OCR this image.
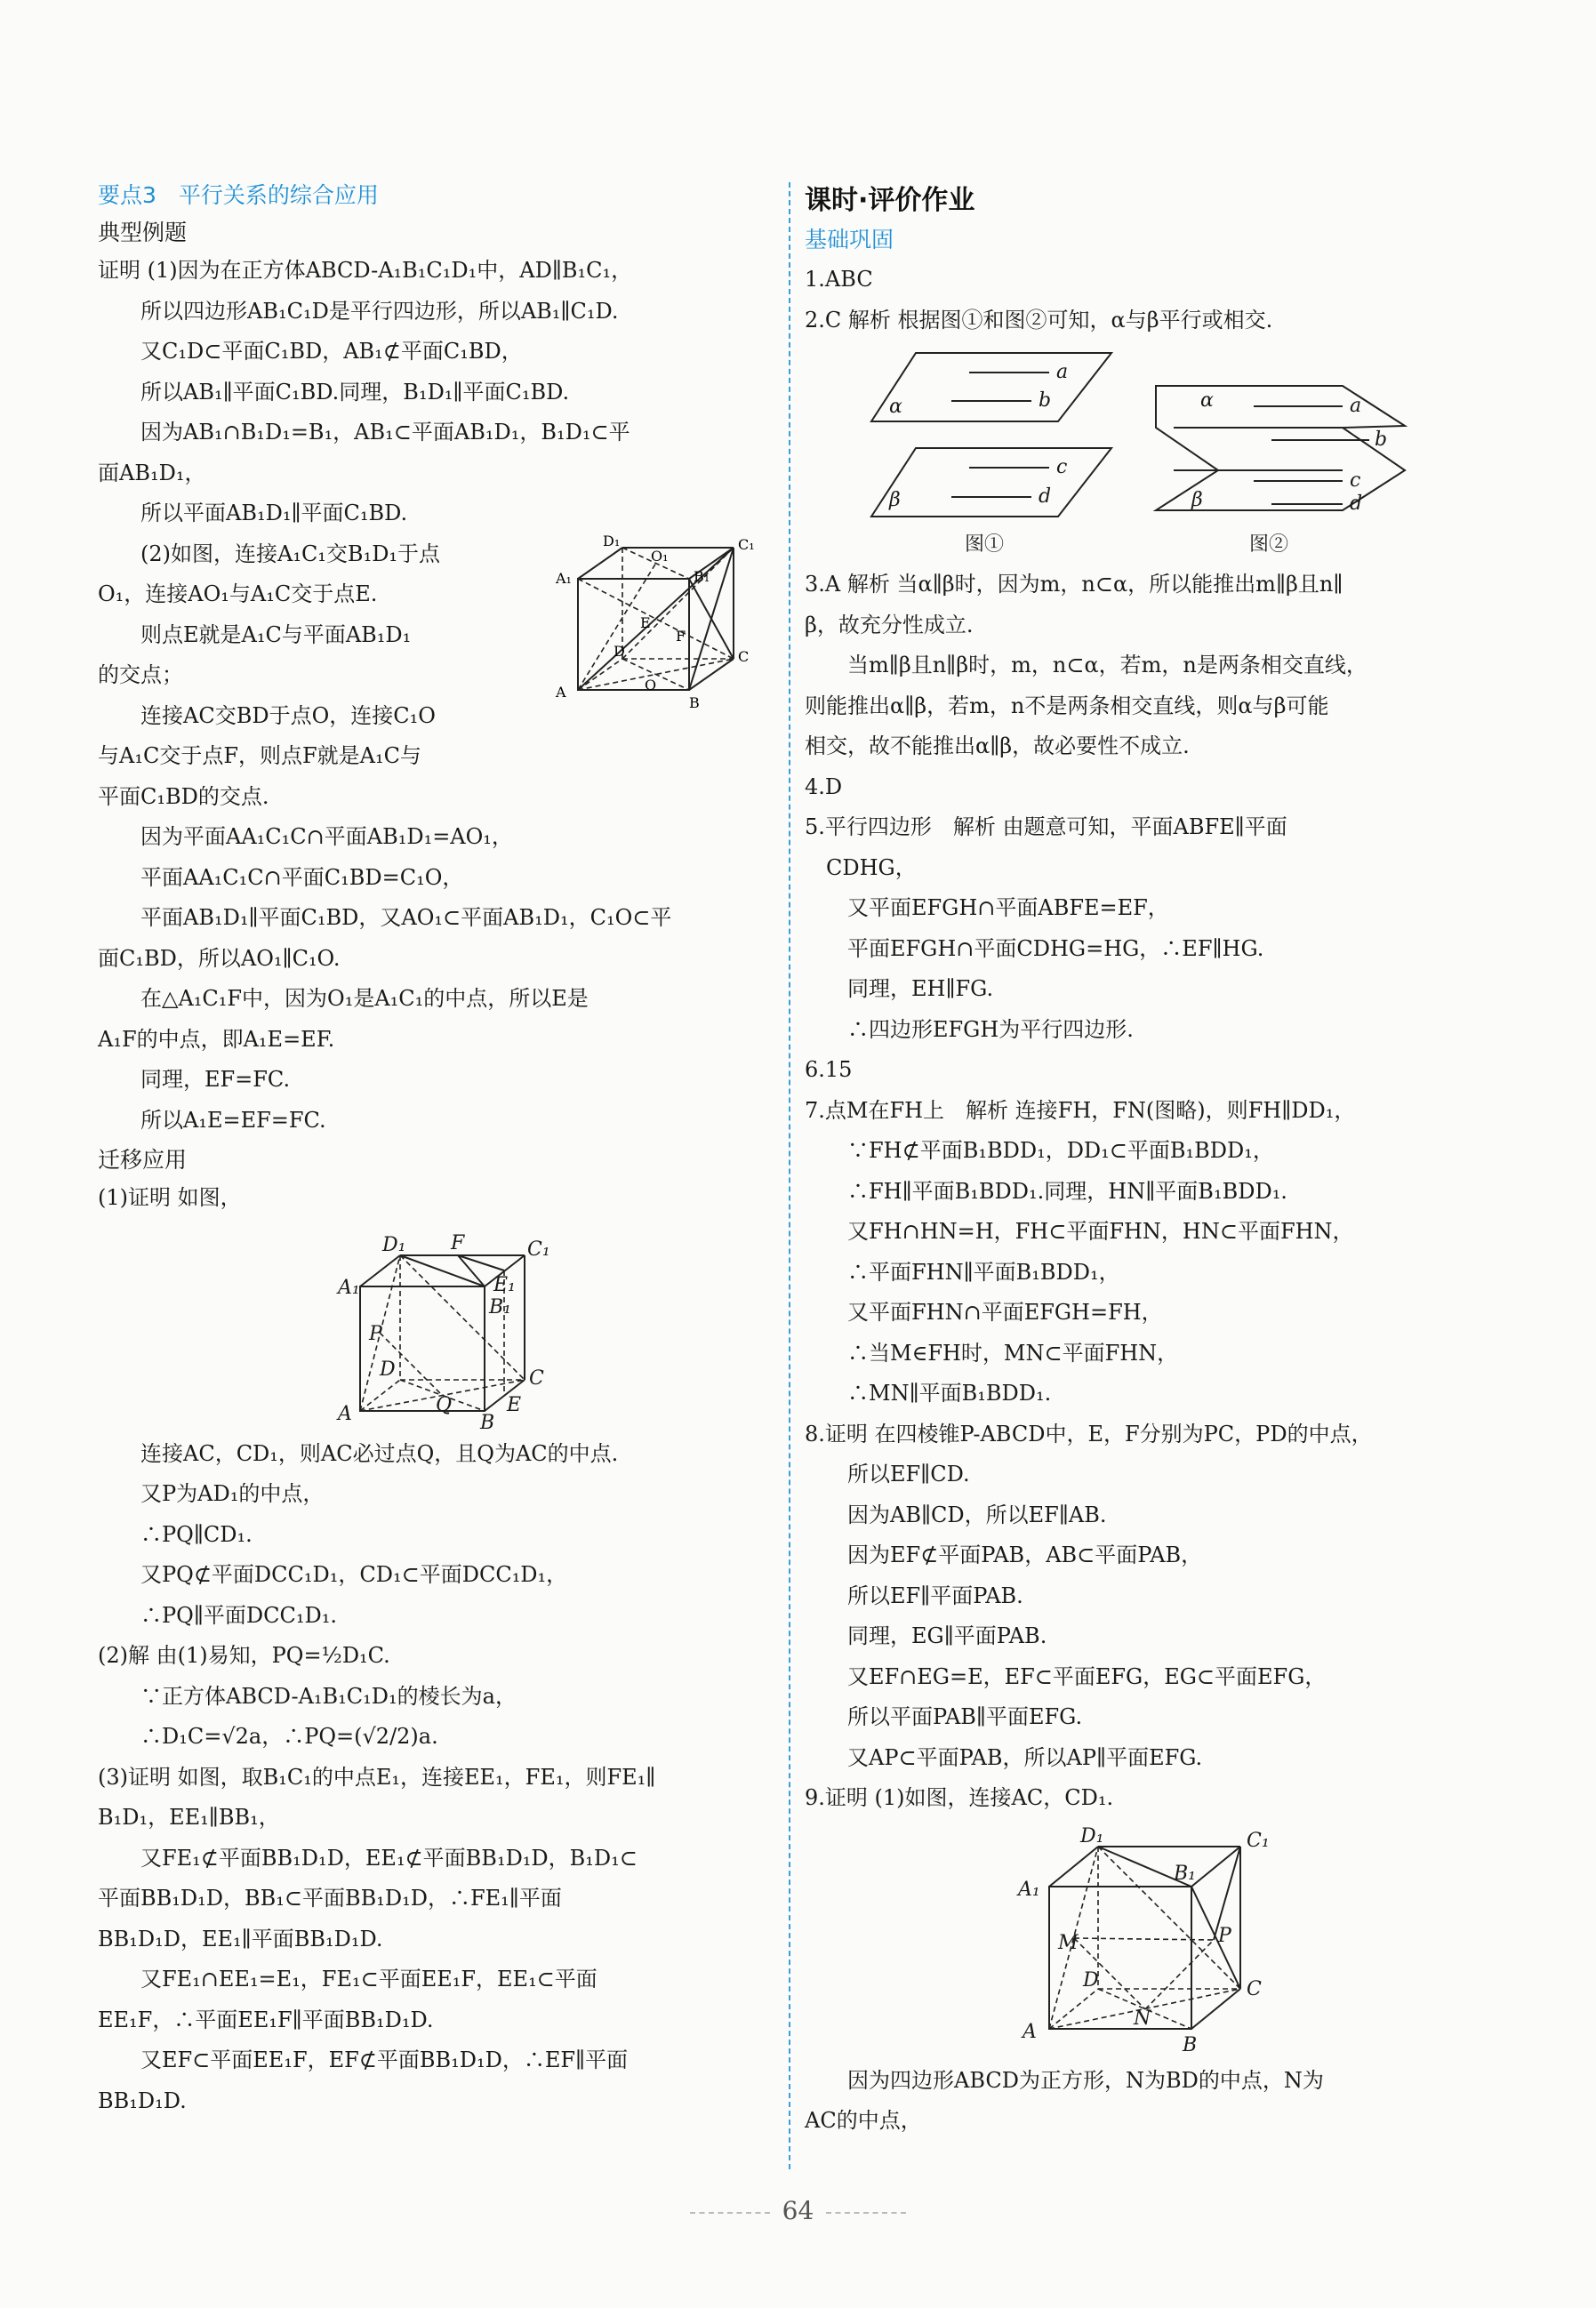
要点3　平行关系的综合应用
典型例题
证明 (1)因为在正方体ABCD-A₁B₁C₁D₁中，AD∥B₁C₁，
　　所以四边形AB₁C₁D是平行四边形，所以AB₁∥C₁D.
　　又C₁D⊂平面C₁BD，AB₁⊄平面C₁BD，
　　所以AB₁∥平面C₁BD.同理，B₁D₁∥平面C₁BD.
　　因为AB₁∩B₁D₁=B₁，AB₁⊂平面AB₁D₁，B₁D₁⊂平
面AB₁D₁，
　　所以平面AB₁D₁∥平面C₁BD.
　　(2)如图，连接A₁C₁交B₁D₁于点
O₁，连接AO₁与A₁C交于点E.
　　则点E就是A₁C与平面AB₁D₁
的交点；
　　连接AC交BD于点O，连接C₁O
与A₁C交于点F，则点F就是A₁C与
平面C₁BD的交点.
D₁	C₁
O₁
B₁
A₁
E
F
D	C
A	O
B
　　因为平面AA₁C₁C∩平面AB₁D₁=AO₁，
　　平面AA₁C₁C∩平面C₁BD=C₁O，
　　平面AB₁D₁∥平面C₁BD，又AO₁⊂平面AB₁D₁，C₁O⊂平
面C₁BD，所以AO₁∥C₁O.
　　在△A₁C₁F中，因为O₁是A₁C₁的中点，所以E是
A₁F的中点，即A₁E=EF.
　　同理，EF=FC.
　　所以A₁E=EF=FC.
迁移应用
(1)证明 如图，
D₁ F	C₁
A₁	E₁
B₁
P
D	C
A	Q	E
B
　　连接AC，CD₁，则AC必过点Q，且Q为AC的中点.
　　又P为AD₁的中点，
　　∴PQ∥CD₁.
　　又PQ⊄平面DCC₁D₁，CD₁⊂平面DCC₁D₁，
　　∴PQ∥平面DCC₁D₁.
(2)解 由(1)易知，PQ=½D₁C.
　　∵正方体ABCD-A₁B₁C₁D₁的棱长为a，
　　∴D₁C=√2a，∴PQ=(√2/2)a.
(3)证明 如图，取B₁C₁的中点E₁，连接EE₁，FE₁，则FE₁∥
B₁D₁，EE₁∥BB₁，
　　又FE₁⊄平面BB₁D₁D，EE₁⊄平面BB₁D₁D，B₁D₁⊂
平面BB₁D₁D，BB₁⊂平面BB₁D₁D，∴FE₁∥平面
BB₁D₁D，EE₁∥平面BB₁D₁D.
　　又FE₁∩EE₁=E₁，FE₁⊂平面EE₁F，EE₁⊂平面
EE₁F，∴平面EE₁F∥平面BB₁D₁D.
　　又EF⊂平面EE₁F，EF⊄平面BB₁D₁D，∴EF∥平面
BB₁D₁D.
课时·评价作业
基础巩固
1.ABC
2.C 解析 根据图①和图②可知，α与β平行或相交.
a
b
α
c
d
β
α	a
b
c
d
β
图①	图②
3.A 解析 当α∥β时，因为m，n⊂α，所以能推出m∥β且n∥
β，故充分性成立.
　　当m∥β且n∥β时，m，n⊂α，若m，n是两条相交直线，
则能推出α∥β，若m，n不是两条相交直线，则α与β可能
相交，故不能推出α∥β，故必要性不成立.
4.D
5.平行四边形　解析 由题意可知，平面ABFE∥平面
　CDHG，
　　又平面EFGH∩平面ABFE=EF，
　　平面EFGH∩平面CDHG=HG，∴EF∥HG.
　　同理，EH∥FG.
　　∴四边形EFGH为平行四边形.
6.15
7.点M在FH上　解析 连接FH，FN(图略)，则FH∥DD₁，
　　∵FH⊄平面B₁BDD₁，DD₁⊂平面B₁BDD₁，
　　∴FH∥平面B₁BDD₁.同理，HN∥平面B₁BDD₁.
　　又FH∩HN=H，FH⊂平面FHN，HN⊂平面FHN，
　　∴平面FHN∥平面B₁BDD₁，
　　又平面FHN∩平面EFGH=FH，
　　∴当M∈FH时，MN⊂平面FHN，
　　∴MN∥平面B₁BDD₁.
8.证明 在四棱锥P-ABCD中，E，F分别为PC，PD的中点，
　　所以EF∥CD.
　　因为AB∥CD，所以EF∥AB.
　　因为EF⊄平面PAB，AB⊂平面PAB，
　　所以EF∥平面PAB.
　　同理，EG∥平面PAB.
　　又EF∩EG=E，EF⊂平面EFG，EG⊂平面EFG，
　　所以平面PAB∥平面EFG.
　　又AP⊂平面PAB，所以AP∥平面EFG.
9.证明 (1)如图，连接AC，CD₁.
D₁	C₁
A₁
B₁
M	P
D	C
A
N
B
　　因为四边形ABCD为正方形，N为BD的中点，N为
AC的中点，
64
